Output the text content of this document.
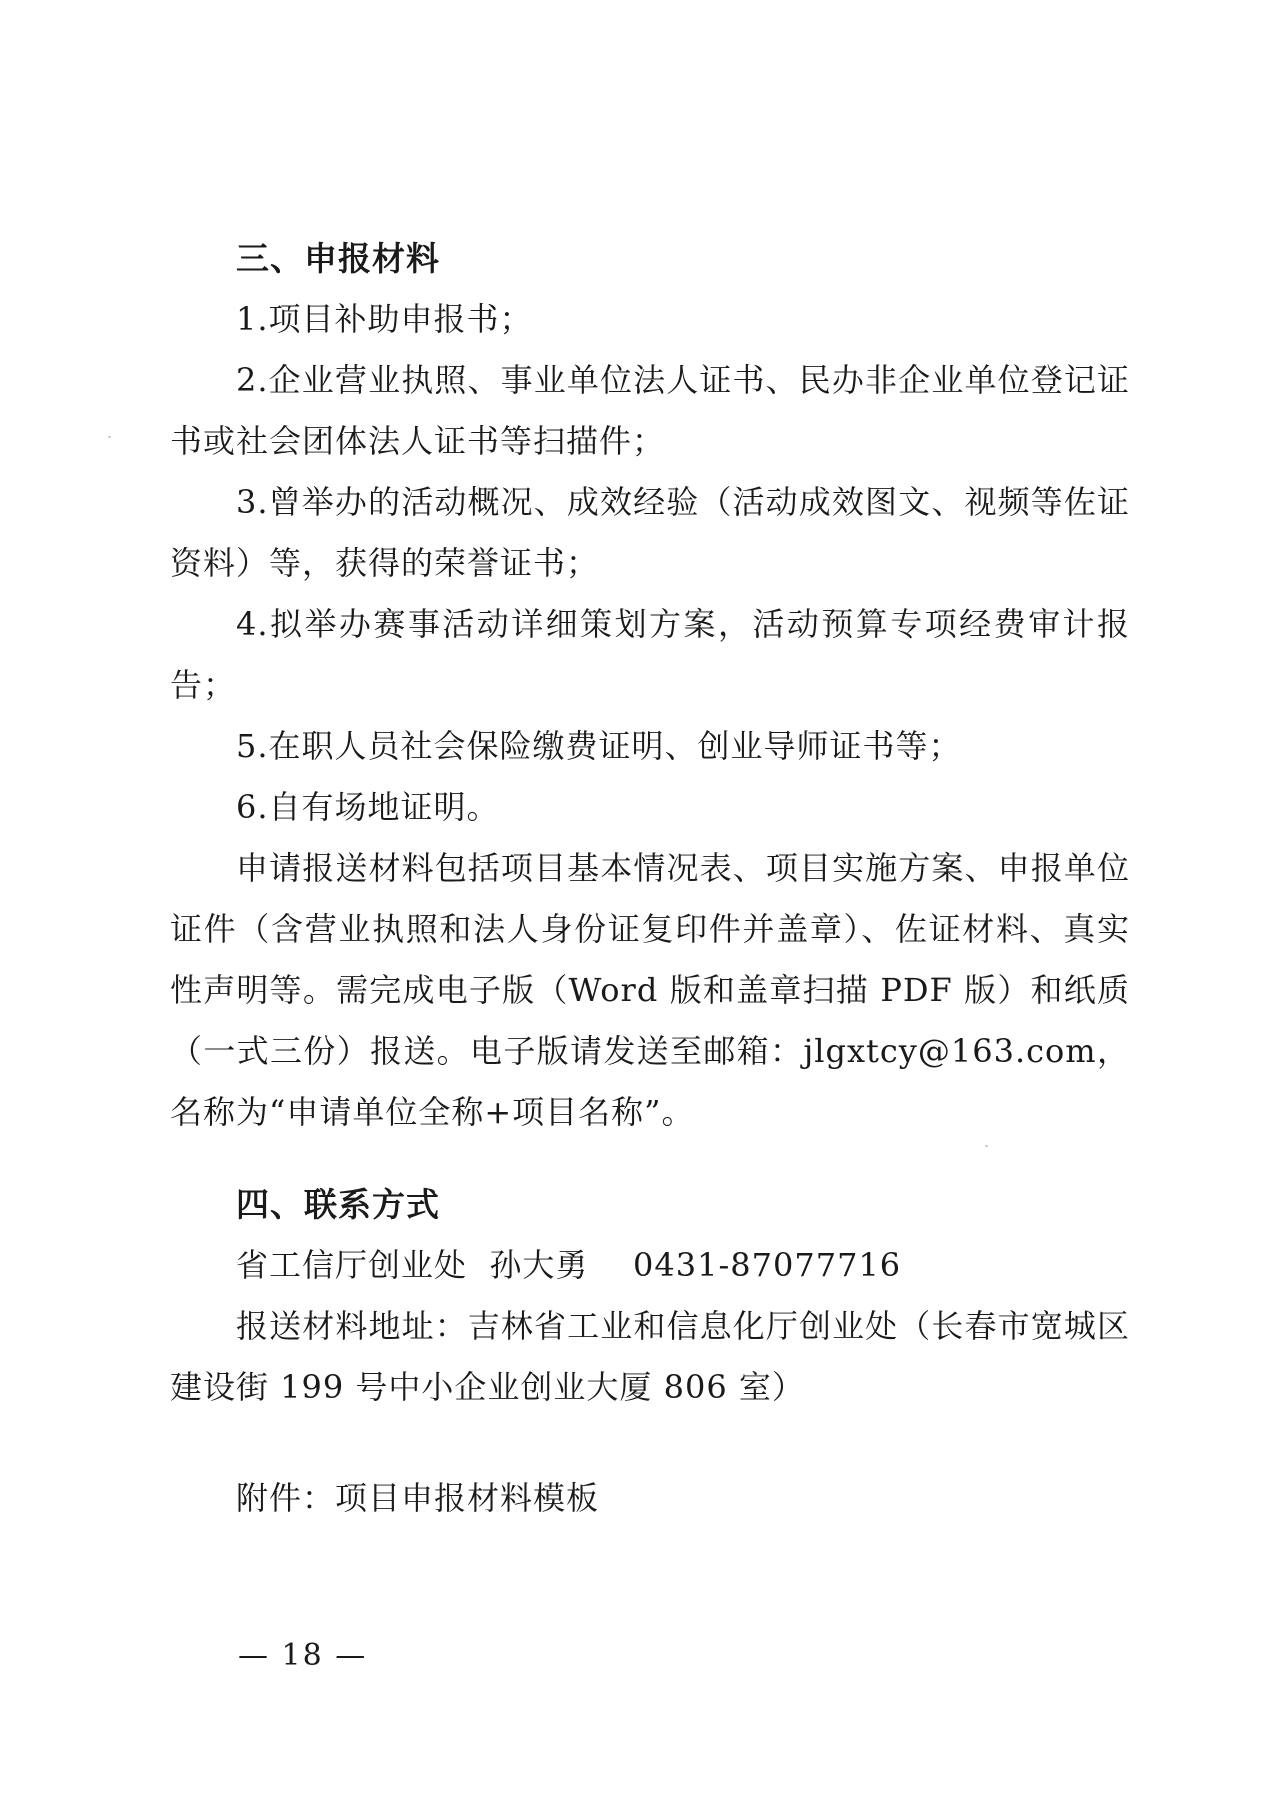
三、申报材料
1.项目补助申报书；
2.企业营业执照、事业单位法人证书、民办非企业单位登记证
书或社会团体法人证书等扫描件；
3.曾举办的活动概况、成效经验（活动成效图文、视频等佐证
资料）等，获得的荣誉证书；
4.拟举办赛事活动详细策划方案，活动预算专项经费审计报
告；
5.在职人员社会保险缴费证明、创业导师证书等；
6.自有场地证明。
申请报送材料包括项目基本情况表、项目实施方案、申报单位
证件（含营业执照和法人身份证复印件并盖章）、佐证材料、真实
性声明等。需完成电子版（Word 版和盖章扫描 PDF 版）和纸质
（一式三份）报送。电子版请发送至邮箱：jlgxtcy@163.com，
名称为“申请单位全称+项目名称”。
四、联系方式
省工信厅创业处  孙大勇    0431-87077716
报送材料地址：吉林省工业和信息化厅创业处（长春市宽城区
建设街 199 号中小企业创业大厦 806 室）
附件：项目申报材料模板
— 18 —
